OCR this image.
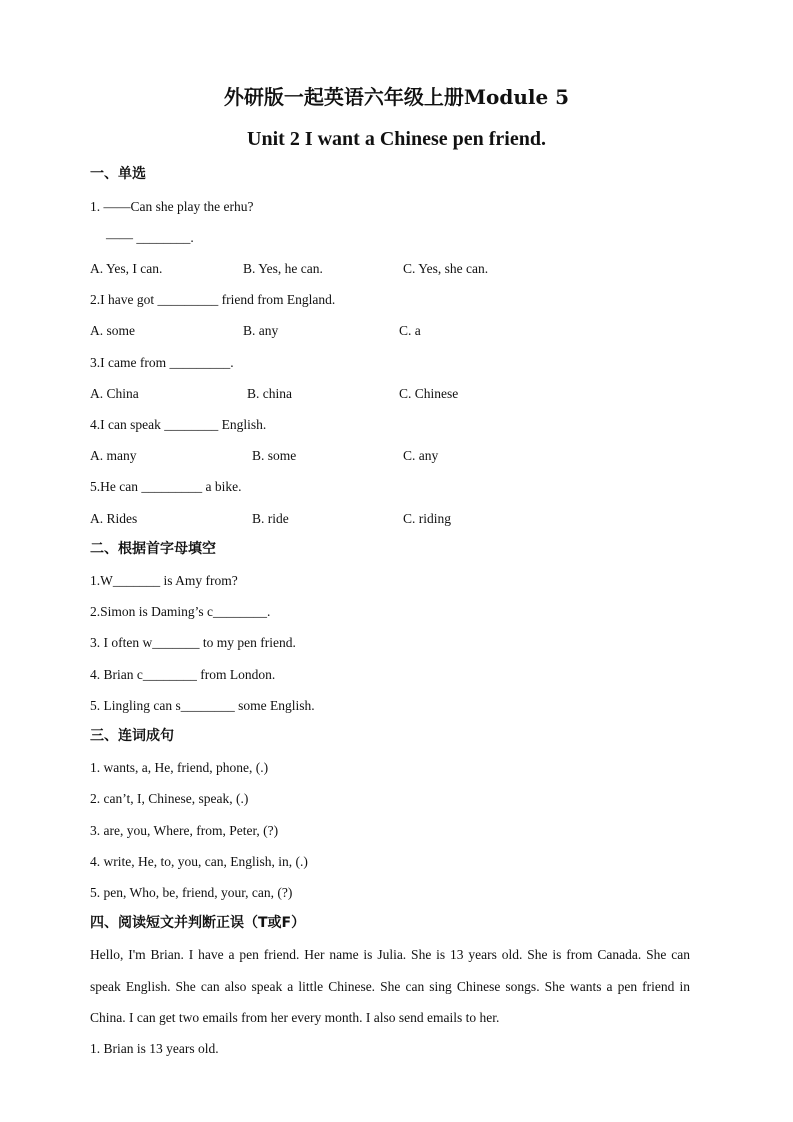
外研版一起英语六年级上册Module 5
Unit 2 I want a Chinese pen friend.
一、单选
1. ——Can she play the erhu?
—— ________.
A. Yes, I can.	B. Yes, he can.	C. Yes, she can.
2.I have got _________ friend from England.
A. some	B. any	C. a
3.I came from _________.
A. China	B. china	C. Chinese
4.I can speak ________ English.
A. many	B. some	C. any
5.He can _________ a bike.
A. Rides	B. ride	C. riding
二、根据首字母填空
1.W_______ is Amy from?
2.Simon is Daming’s c________.
3. I often w_______ to my pen friend.
4. Brian c________ from London.
5. Lingling can s________ some English.
三、连词成句
1. wants, a, He, friend, phone, (.)
2. can’t, I, Chinese, speak, (.)
3. are, you, Where, from, Peter, (?)
4. write, He, to, you, can, English, in, (.)
5. pen, Who, be, friend, your, can, (?)
四、阅读短文并判断正误（T或F）
Hello, I'm Brian. I have a pen friend. Her name is Julia. She is 13 years old. She is from Canada. She can speak English. She can also speak a little Chinese. She can sing Chinese songs. She wants a pen friend in China. I can get two emails from her every month. I also send emails to her.
1. Brian is 13 years old.
